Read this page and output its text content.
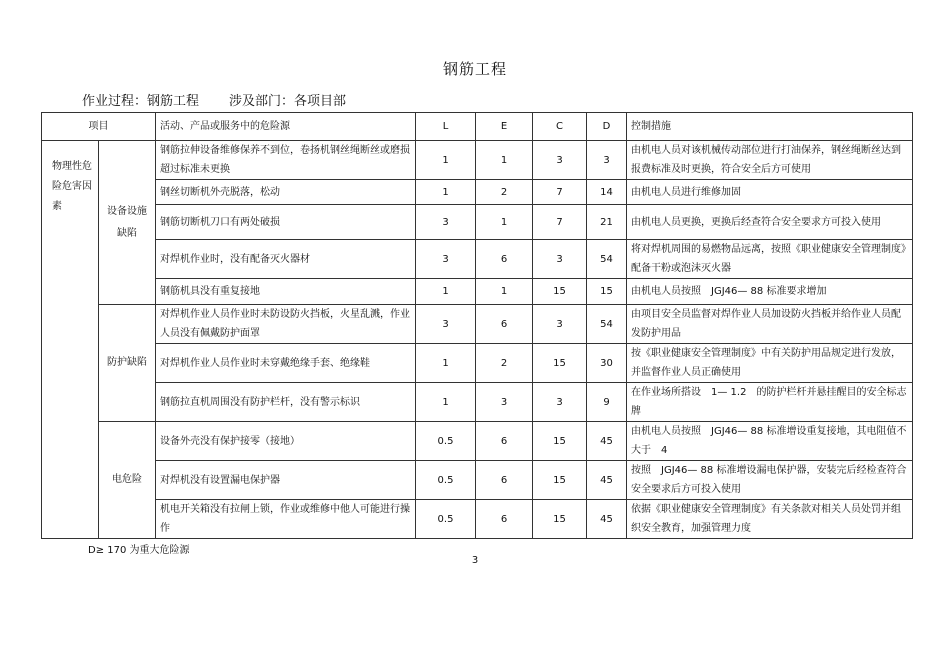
钢筋工程
作业过程：钢筋工程 涉及部门：各项目部
项目		活动、产品或服务中的危险源	L	E	C	D	控制措施
物理性危险危害因素	设备设施缺陷	钢筋拉伸设备维修保养不到位，卷扬机钢丝绳断丝或磨损超过标准未更换	1	1	3	3	由机电人员对该机械传动部位进行打油保养，钢丝绳断丝达到报费标准及时更换，符合安全后方可使用
		钢丝切断机外壳脱落，松动	1	2	7	14	由机电人员进行维修加固
		钢筋切断机刀口有两处破损	3	1	7	21	由机电人员更换，更换后经查符合安全要求方可投入使用
		对焊机作业时，没有配备灭火器材	3	6	3	54	将对焊机周围的易燃物品远离，按照《职业健康安全管理制度》配备干粉或泡沫灭火器
		钢筋机具没有重复接地	1	1	15	15	由机电人员按照　JGJ46— 88 标准要求增加
	防护缺陷	对焊机作业人员作业时未防设防火挡板，火星乱溅，作业人员没有佩戴防护面罩	3	6	3	54	由项目安全员监督对焊作业人员加设防火挡板并给作业人员配发防护用品
		对焊机作业人员作业时未穿戴绝缘手套、绝缘鞋	1	2	15	30	按《职业健康安全管理制度》中有关防护用品规定进行发放，并监督作业人员正确使用
		钢筋拉直机周围没有防护栏杆，没有警示标识	1	3	3	9	在作业场所搭设　1— 1.2　的防护栏杆并悬挂醒目的安全标志牌
	电危险	设备外壳没有保护接零（接地）	0.5	6	15	45	由机电人员按照　JGJ46— 88 标准增设重复接地，其电阻值不大于　4
		对焊机没有设置漏电保护器	0.5	6	15	45	按照　JGJ46— 88 标准增设漏电保护器，安装完后经检查符合安全要求后方可投入使用
		机电开关箱没有拉闸上锁，作业或维修中他人可能进行操作	0.5	6	15	45	依据《职业健康安全管理制度》有关条款对相关人员处罚并组织安全教育，加强管理力度
D≥ 170 为重大危险源
3
